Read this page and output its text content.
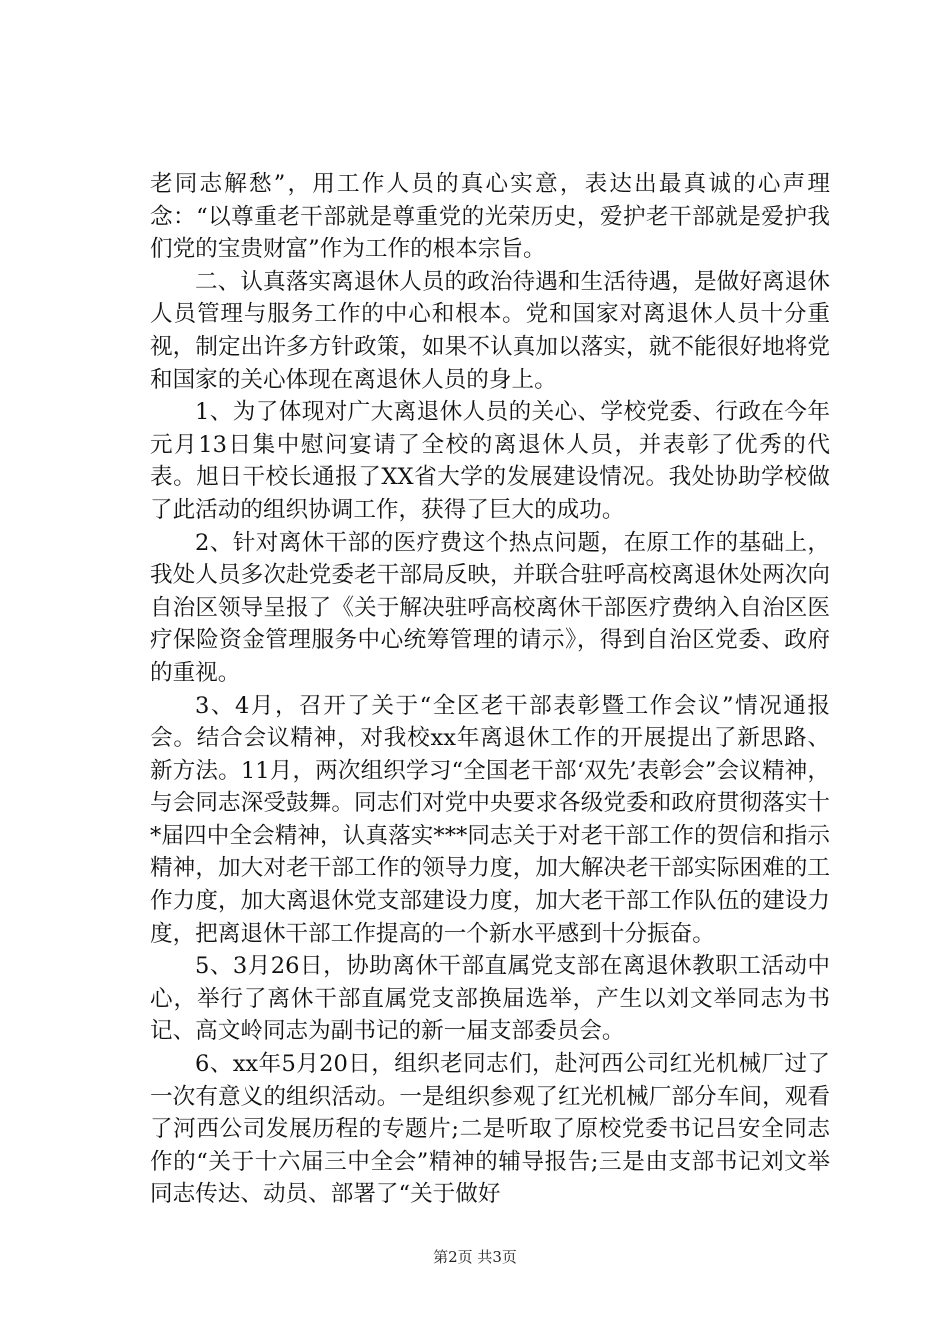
老同志解愁”，用工作人员的真心实意，表达出最真诚的心声理念：“以尊重老干部就是尊重党的光荣历史，爱护老干部就是爱护我们党的宝贵财富”作为工作的根本宗旨。

二、认真落实离退休人员的政治待遇和生活待遇，是做好离退休人员管理与服务工作的中心和根本。党和国家对离退休人员十分重视，制定出许多方针政策，如果不认真加以落实，就不能很好地将党和国家的关心体现在离退休人员的身上。

1、为了体现对广大离退休人员的关心、学校党委、行政在今年元月13日集中慰问宴请了全校的离退休人员，并表彰了优秀的代表。旭日干校长通报了XX省大学的发展建设情况。我处协助学校做了此活动的组织协调工作，获得了巨大的成功。

2、针对离休干部的医疗费这个热点问题，在原工作的基础上，我处人员多次赴党委老干部局反映，并联合驻呼高校离退休处两次向自治区领导呈报了《关于解决驻呼高校离休干部医疗费纳入自治区医疗保险资金管理服务中心统筹管理的请示》，得到自治区党委、政府的重视。

3、4月，召开了关于“全区老干部表彰暨工作会议”情况通报会。结合会议精神，对我校xx年离退休工作的开展提出了新思路、新方法。11月，两次组织学习“全国老干部‘双先’表彰会”会议精神，与会同志深受鼓舞。同志们对党中央要求各级党委和政府贯彻落实十*届四中全会精神，认真落实***同志关于对老干部工作的贺信和指示精神，加大对老干部工作的领导力度，加大解决老干部实际困难的工作力度，加大离退休党支部建设力度，加大老干部工作队伍的建设力度，把离退休干部工作提高的一个新水平感到十分振奋。

5、3月26日，协助离休干部直属党支部在离退休教职工活动中心，举行了离休干部直属党支部换届选举，产生以刘文举同志为书记、高文岭同志为副书记的新一届支部委员会。

6、xx年5月20日，组织老同志们，赴河西公司红光机械厂过了一次有意义的组织活动。一是组织参观了红光机械厂部分车间，观看了河西公司发展历程的专题片;二是听取了原校党委书记吕安全同志作的“关于十六届三中全会”精神的辅导报告;三是由支部书记刘文举同志传达、动员、部署了“关于做好

第2页 共3页
